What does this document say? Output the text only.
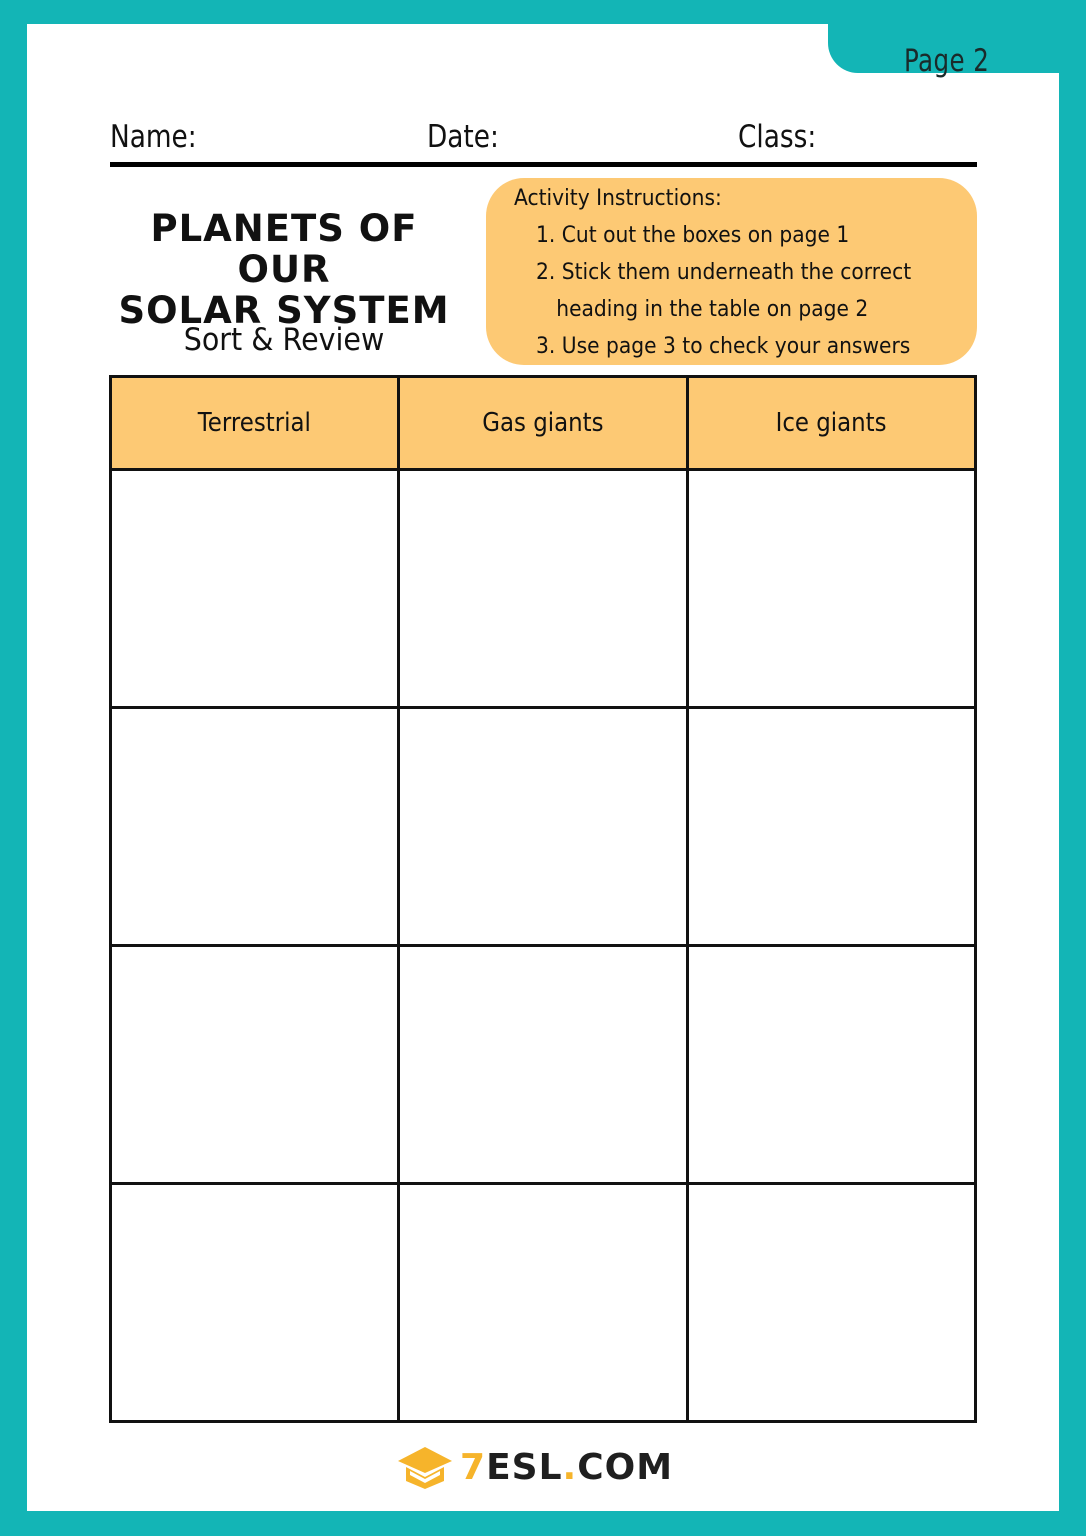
Page 2
Name:	Date:	Class:
PLANETS OF OUR
SOLAR SYSTEM
Sort & Review
Activity Instructions:
1. Cut out the boxes on page 1
2. Stick them underneath the correct
heading in the table on page 2
3. Use page 3 to check your answers
Terrestrial	Gas giants	Ice giants

7ESL.COM
